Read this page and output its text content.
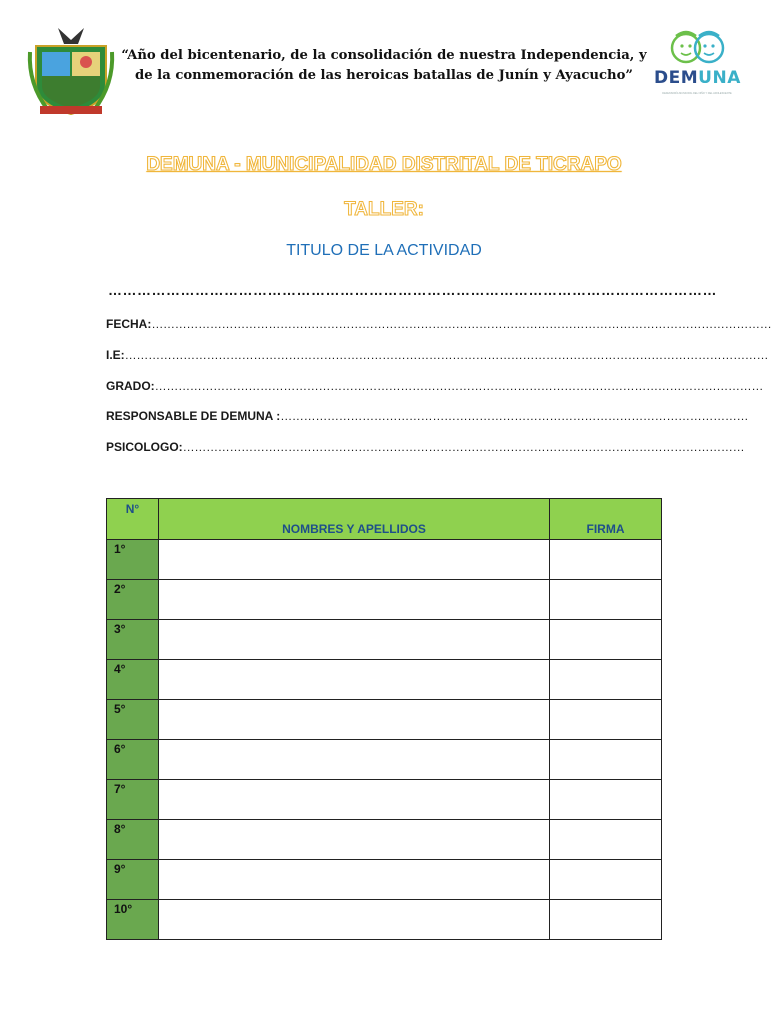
“Año del bicentenario, de la consolidación de nuestra Independencia, y de la conmemoración de las heroicas batallas de Junín y Ayacucho”	DEMUNA
DEFENSORÍA MUNICIPAL DEL NIÑO Y DEL ADOLESCENTE
DEMUNA - MUNICIPALIDAD DISTRITAL DE TICRAPO
TALLER:
TITULO DE LA ACTIVIDAD
………………………………………………………………………………………………………………
FECHA: ……………………………………………………………………………………………………………………………………………
I.E: …………………………………………………………………………………………………………………………………………………
GRADO: …………………………………………………………………………………………………………………………………………
RESPONSABLE DE DEMUNA : …………………………………………………………………………………………………………
PSICOLOGO: ………………………………………………………………………………………………………………………………
N°	NOMBRES Y APELLIDOS	FIRMA
1°		
2°		
3°		
4°		
5°		
6°		
7°		
8°		
9°		
10°		
